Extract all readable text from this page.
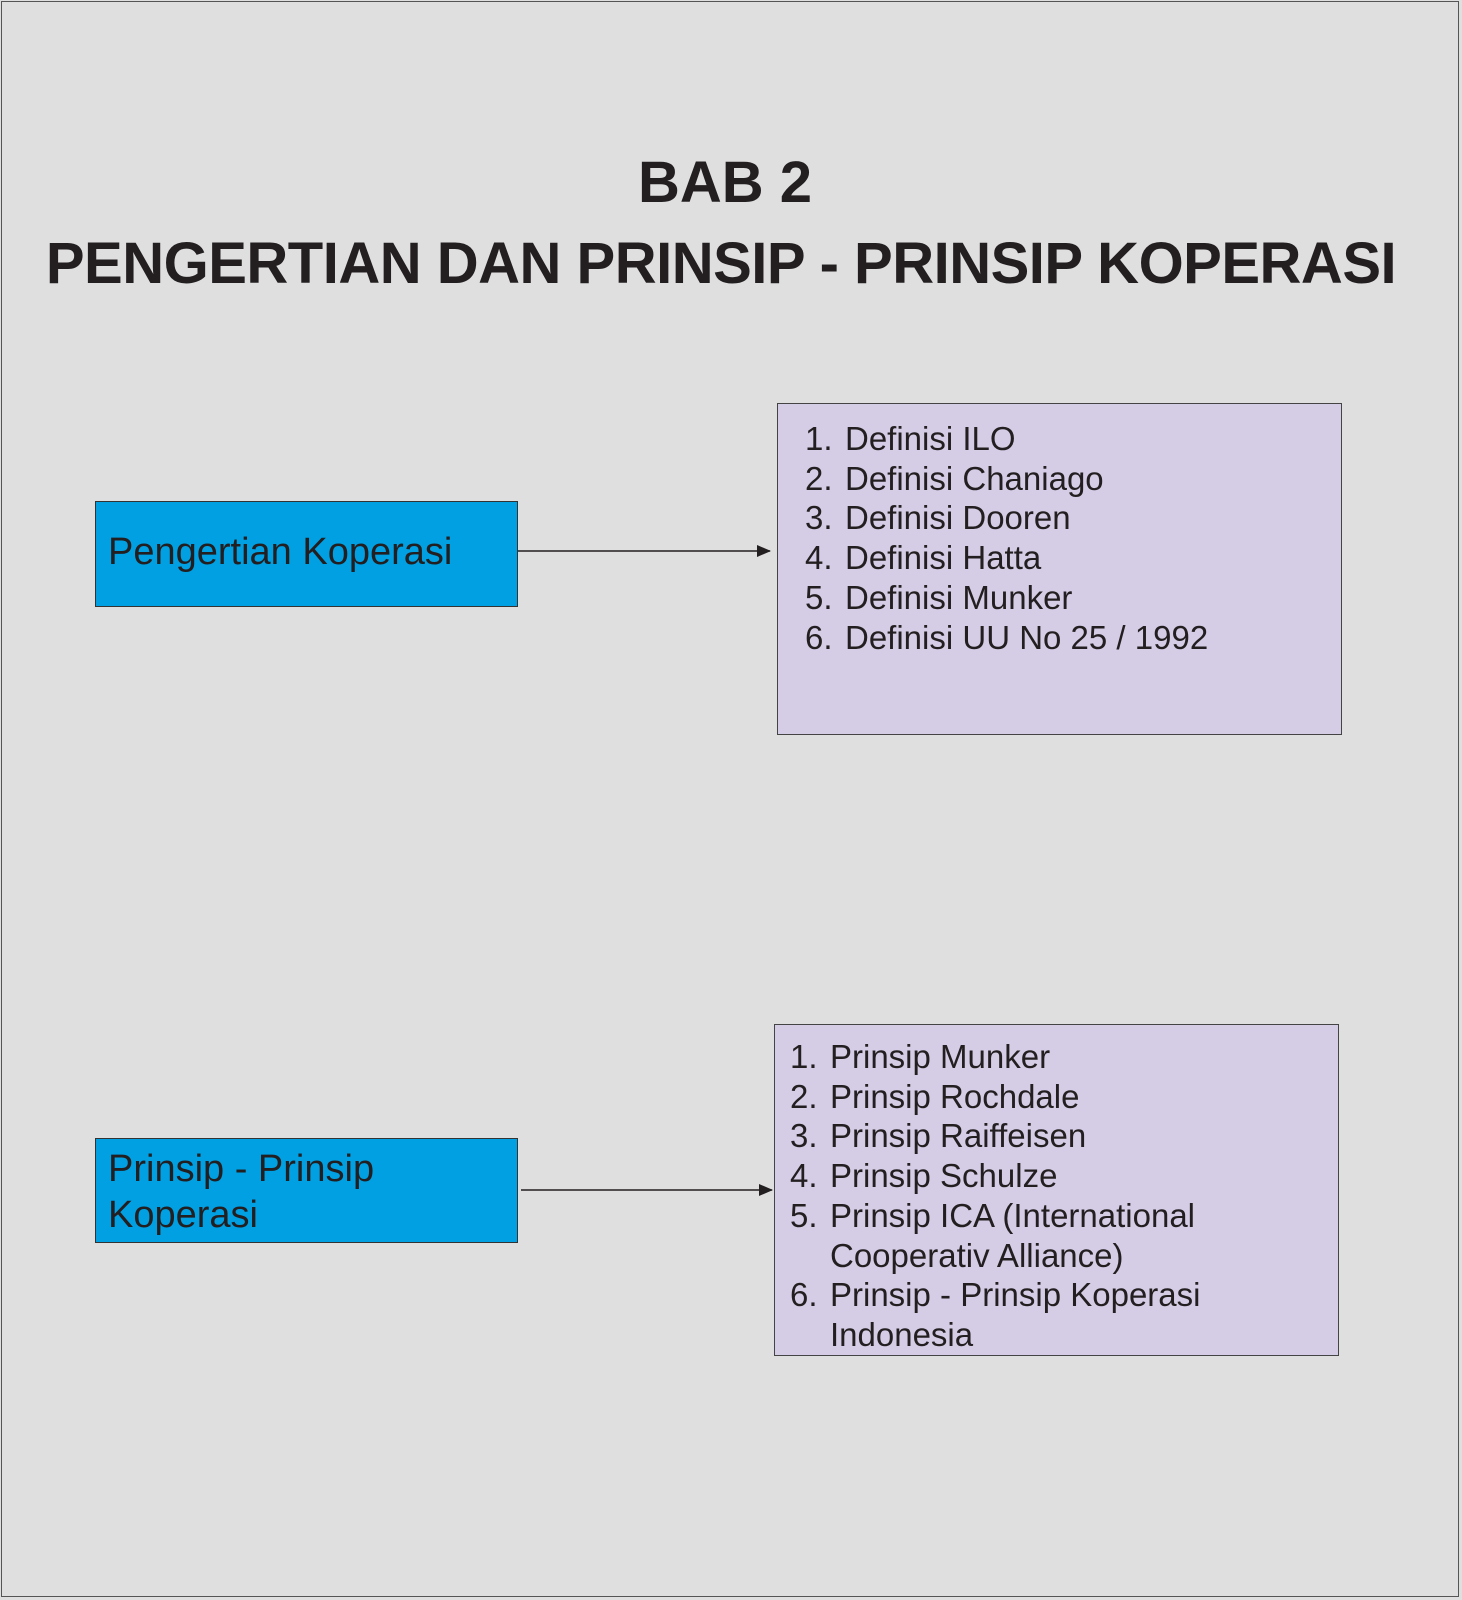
BAB 2
PENGERTIAN DAN PRINSIP - PRINSIP KOPERASI
Pengertian Koperasi
1. Definisi ILO
2. Definisi Chaniago
3. Definisi Dooren
4. Definisi Hatta
5. Definisi Munker
6. Definisi UU No 25 / 1992
Prinsip - Prinsip Koperasi
1. Prinsip Munker
2. Prinsip Rochdale
3. Prinsip Raiffeisen
4. Prinsip Schulze
5. Prinsip ICA (International Cooperativ Alliance)
6. Prinsip - Prinsip Koperasi Indonesia
